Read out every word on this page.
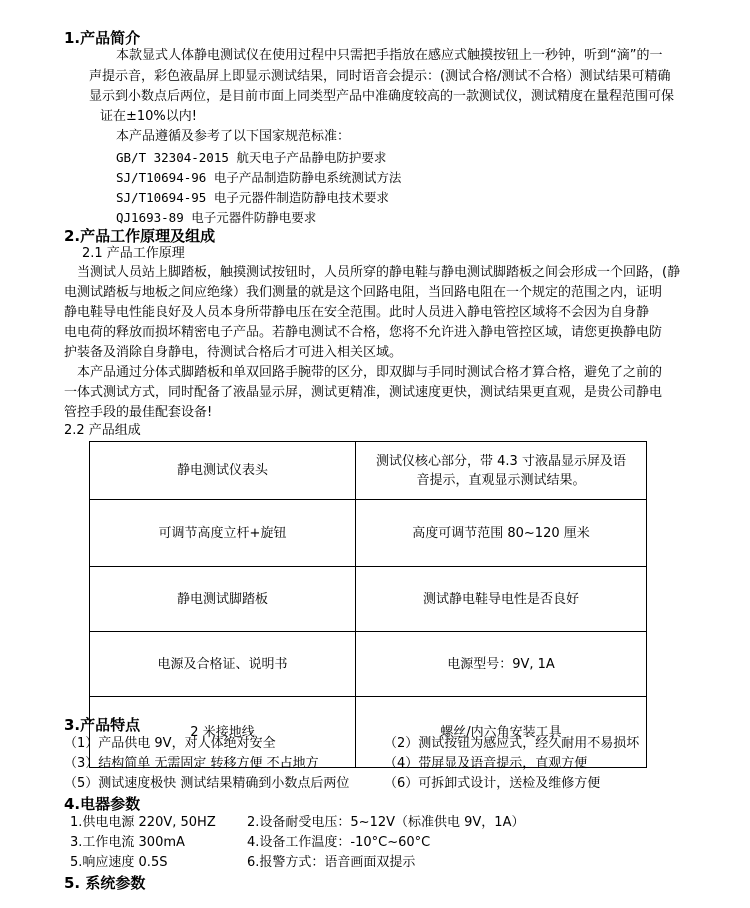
1.产品简介
本款显式人体静电测试仪在使用过程中只需把手指放在感应式触摸按钮上一秒钟，听到“滴”的一
声提示音，彩色液晶屏上即显示测试结果，同时语音会提示：(测试合格/测试不合格）测试结果可精确
显示到小数点后两位，是目前市面上同类型产品中准确度较高的一款测试仪，测试精度在量程范围可保
证在±10%以内!
本产品遵循及参考了以下国家规范标准：
GB/T 32304-2015 航天电子产品静电防护要求
SJ/T10694-96 电子产品制造防静电系统测试方法
SJ/T10694-95 电子元器件制造防静电技术要求
QJ1693-89 电子元器件防静电要求
2.产品工作原理及组成
2.1 产品工作原理
当测试人员站上脚踏板，触摸测试按钮时，人员所穿的静电鞋与静电测试脚踏板之间会形成一个回路，(静
电测试踏板与地板之间应绝缘）我们测量的就是这个回路电阻，当回路电阻在一个规定的范围之内，证明
静电鞋导电性能良好及人员本身所带静电压在安全范围。此时人员进入静电管控区域将不会因为自身静
电电荷的释放而损坏精密电子产品。若静电测试不合格，您将不允许进入静电管控区域，请您更换静电防
护装备及消除自身静电，待测试合格后才可进入相关区域。
本产品通过分体式脚踏板和单双回路手腕带的区分，即双脚与手同时测试合格才算合格，避免了之前的
一体式测试方式，同时配备了液晶显示屏，测试更精准，测试速度更快，测试结果更直观，是贵公司静电
管控手段的最佳配套设备!
2.2 产品组成
静电测试仪表头	测试仪核心部分，带 4.3 寸液晶显示屏及语
音提示，直观显示测试结果。

可调节高度立杆+旋钮	高度可调节范围 80~120 厘米

静电测试脚踏板	测试静电鞋导电性是否良好

电源及合格证、说明书	电源型号：9V, 1A

2 米接地线	螺丝/内六角安装工具
3.产品特点
（1）产品供电 9V，对人体绝对安全
（3）结构简单 无需固定 转移方便 不占地方
（5）测试速度极快 测试结果精确到小数点后两位
（2）测试按钮为感应式，经久耐用不易损坏
（4）带屏显及语音提示，直观方便
（6）可拆卸式设计，送检及维修方便
4.电器参数
1.供电电源 220V, 50HZ
3.工作电流 300mA
5.响应速度 0.5S
2.设备耐受电压：5~12V（标准供电 9V，1A）
4.设备工作温度：-10°C~60°C
6.报警方式：语音画面双提示
5. 系统参数
